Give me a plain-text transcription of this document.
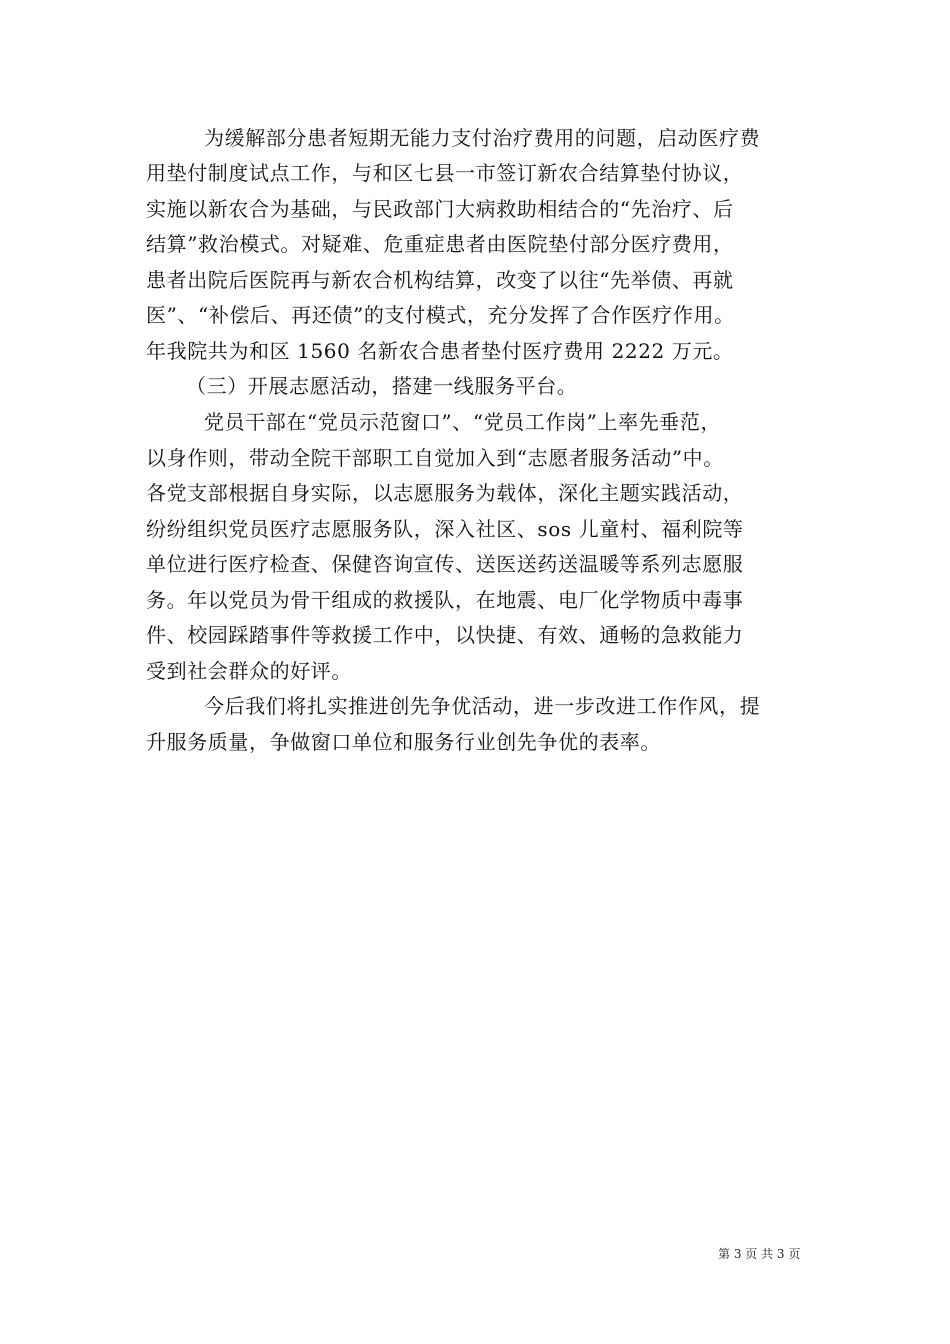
为缓解部分患者短期无能力支付治疗费用的问题，启动医疗费
用垫付制度试点工作，与和区七县一市签订新农合结算垫付协议，
实施以新农合为基础，与民政部门大病救助相结合的“先治疗、后
结算”救治模式。对疑难、危重症患者由医院垫付部分医疗费用，
患者出院后医院再与新农合机构结算，改变了以往“先举债、再就
医”、“补偿后、再还债”的支付模式，充分发挥了合作医疗作用。
年我院共为和区 1560 名新农合患者垫付医疗费用 2222 万元。
（三）开展志愿活动，搭建一线服务平台。
党员干部在“党员示范窗口”、“党员工作岗”上率先垂范，
以身作则，带动全院干部职工自觉加入到“志愿者服务活动”中。
各党支部根据自身实际，以志愿服务为载体，深化主题实践活动，
纷纷组织党员医疗志愿服务队，深入社区、sos 儿童村、福利院等
单位进行医疗检查、保健咨询宣传、送医送药送温暖等系列志愿服
务。年以党员为骨干组成的救援队，在地震、电厂化学物质中毒事
件、校园踩踏事件等救援工作中，以快捷、有效、通畅的急救能力
受到社会群众的好评。
今后我们将扎实推进创先争优活动，进一步改进工作作风，提
升服务质量，争做窗口单位和服务行业创先争优的表率。
第 3 页 共 3 页
